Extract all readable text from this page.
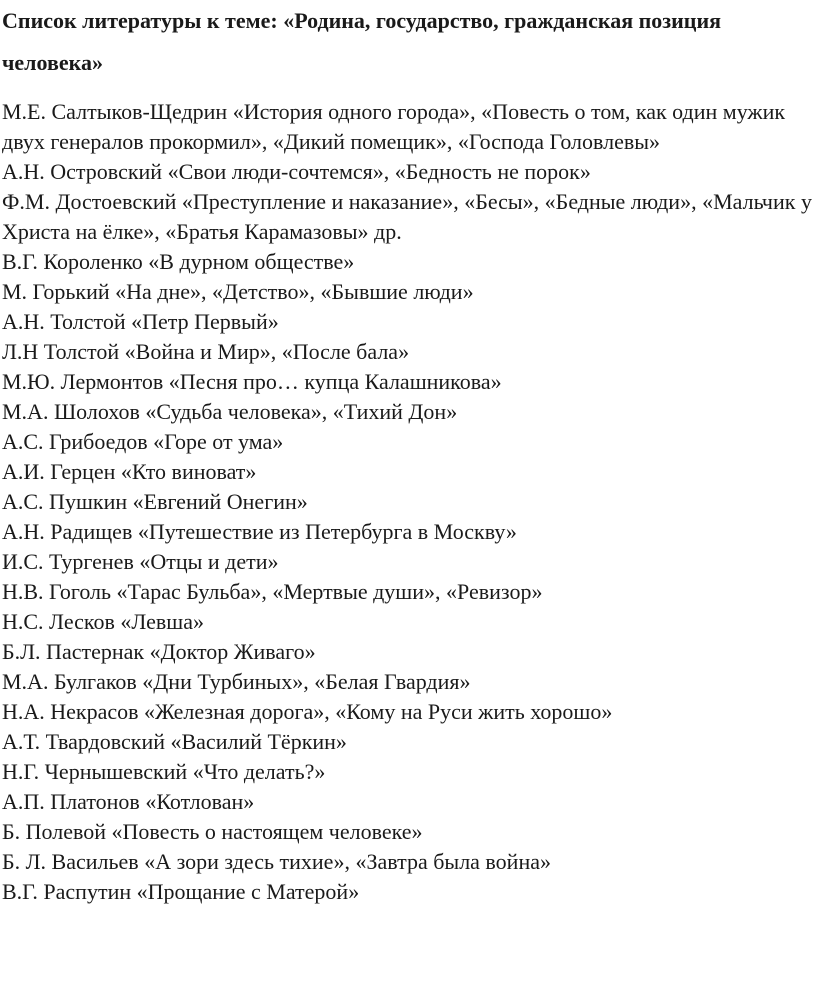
Список литературы к теме: «Родина, государство, гражданская позиция
человека»
М.Е. Салтыков-Щедрин «История одного города», «Повесть о том, как один мужик двух генералов прокормил», «Дикий помещик», «Господа Головлевы»
А.Н. Островский «Свои люди-сочтемся», «Бедность не порок»
Ф.М. Достоевский «Преступление и наказание», «Бесы», «Бедные люди», «Мальчик у Христа на ёлке», «Братья Карамазовы» др.
В.Г. Короленко «В дурном обществе»
М. Горький «На дне», «Детство», «Бывшие люди»
А.Н. Толстой «Петр Первый»
Л.Н Толстой «Война и Мир», «После бала»
М.Ю. Лермонтов «Песня про… купца Калашникова»
М.А. Шолохов «Судьба человека», «Тихий Дон»
А.С. Грибоедов «Горе от ума»
А.И. Герцен «Кто виноват»
А.С. Пушкин «Евгений Онегин»
А.Н. Радищев «Путешествие из Петербурга в Москву»
И.С. Тургенев «Отцы и дети»
Н.В. Гоголь «Тарас Бульба», «Мертвые души», «Ревизор»
Н.С. Лесков «Левша»
Б.Л. Пастернак «Доктор Живаго»
М.А. Булгаков «Дни Турбиных», «Белая Гвардия»
Н.А. Некрасов «Железная дорога», «Кому на Руси жить хорошо»
А.Т. Твардовский «Василий Тёркин»
Н.Г. Чернышевский «Что делать?»
А.П. Платонов «Котлован»
Б. Полевой «Повесть о настоящем человеке»
Б. Л. Васильев «А зори здесь тихие», «Завтра была война»
В.Г. Распутин «Прощание с Матерой»
